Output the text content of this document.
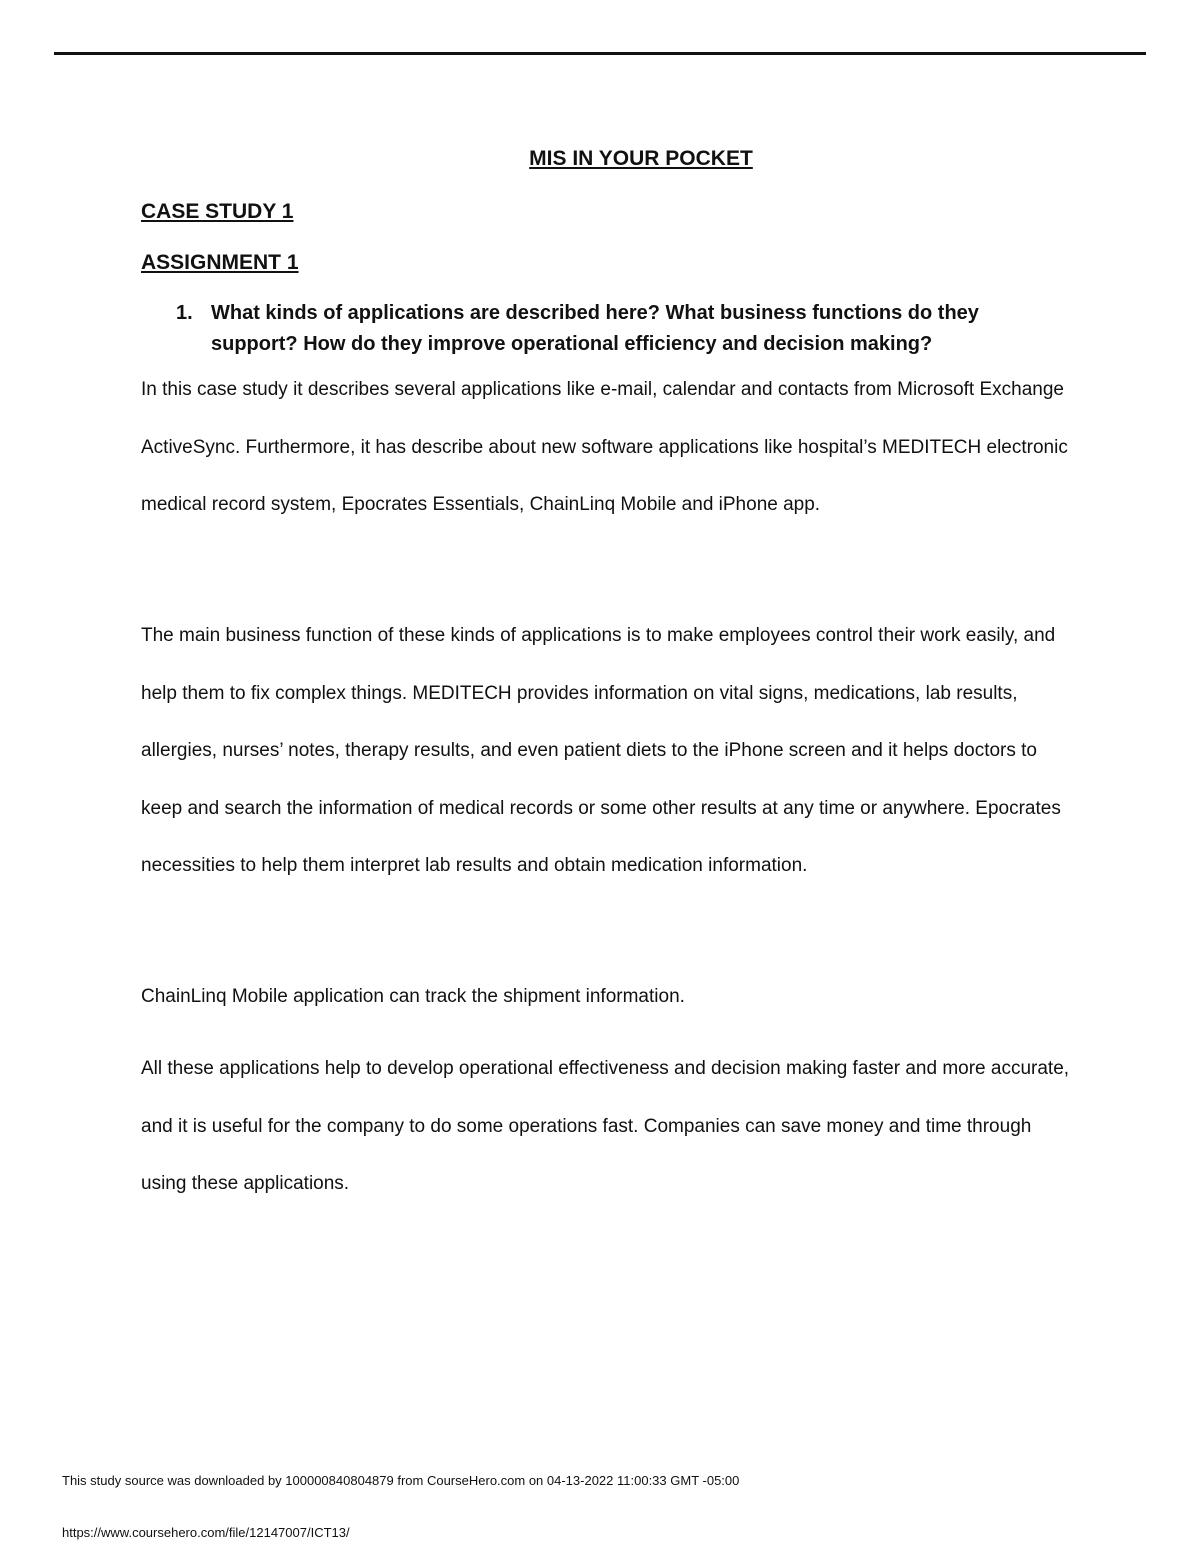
MIS IN YOUR POCKET
CASE STUDY 1
ASSIGNMENT 1
1. What kinds of applications are described here? What business functions do they support? How do they improve operational efficiency and decision making?
In this case study it describes several applications like e-mail, calendar and contacts from Microsoft Exchange ActiveSync. Furthermore, it has describe about new software applications like hospital’s MEDITECH electronic medical record system, Epocrates Essentials, ChainLinq Mobile and iPhone app.
The main business function of these kinds of applications is to make employees control their work easily, and help them to fix complex things. MEDITECH provides information on vital signs, medications, lab results, allergies, nurses’ notes, therapy results, and even patient diets to the iPhone screen and it helps doctors to keep and search the information of medical records or some other results at any time or anywhere. Epocrates necessities to help them interpret lab results and obtain medication information.
ChainLinq Mobile application can track the shipment information.
All these applications help to develop operational effectiveness and decision making faster and more accurate, and it is useful for the company to do some operations fast. Companies can save money and time through using these applications.
This study source was downloaded by 100000840804879 from CourseHero.com on 04-13-2022 11:00:33 GMT -05:00
https://www.coursehero.com/file/12147007/ICT13/
